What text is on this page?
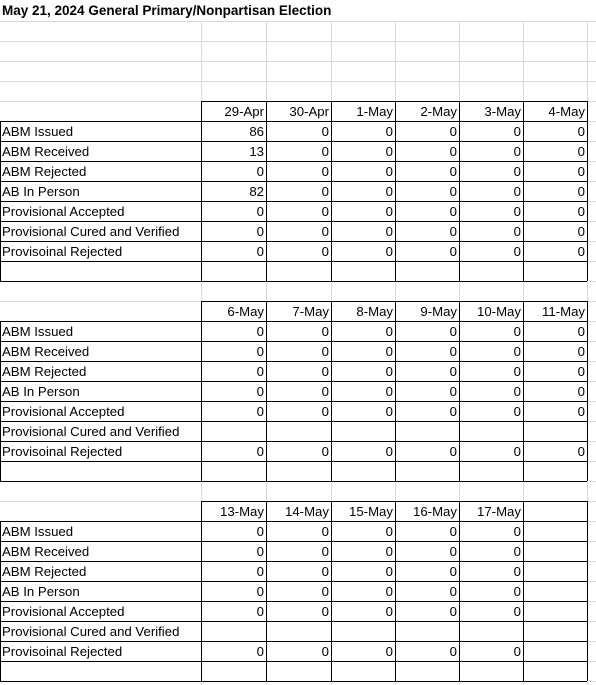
May 21, 2024 General Primary/Nonpartisan Election
29-Apr	30-Apr	1-May	2-May	3-May	4-May
ABM Issued	86	0	0	0	0	0
ABM Received	13	0	0	0	0	0
ABM Rejected	0	0	0	0	0	0
AB In Person	82	0	0	0	0	0
Provisional Accepted	0	0	0	0	0	0
Provisional Cured and Verified	0	0	0	0	0	0
Provisoinal Rejected	0	0	0	0	0	0
6-May	7-May	8-May	9-May	10-May	11-May
ABM Issued	0	0	0	0	0	0
ABM Received	0	0	0	0	0	0
ABM Rejected	0	0	0	0	0	0
AB In Person	0	0	0	0	0	0
Provisional Accepted	0	0	0	0	0	0
Provisional Cured and Verified
Provisoinal Rejected	0	0	0	0	0	0
13-May	14-May	15-May	16-May	17-May
ABM Issued	0	0	0	0	0
ABM Received	0	0	0	0	0
ABM Rejected	0	0	0	0	0
AB In Person	0	0	0	0	0
Provisional Accepted	0	0	0	0	0
Provisional Cured and Verified
Provisoinal Rejected	0	0	0	0	0
